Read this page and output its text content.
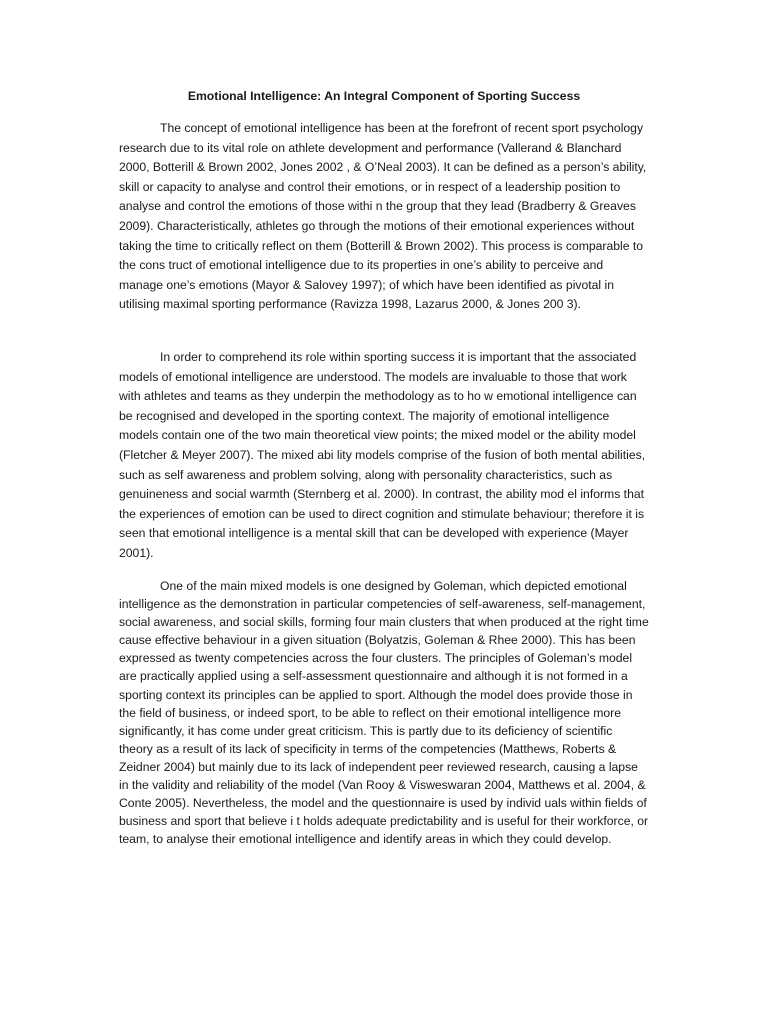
Emotional Intelligence: An Integral Component of Sporting Success

The concept of emotional intelligence has been at the forefront of recent sport psychology research due to its vital role on athlete development and performance (Vallerand & Blanchard 2000, Botterill & Brown 2002, Jones 2002 , & O’Neal 2003). It can be defined as a person’s ability, skill or capacity to analyse and control their emotions, or in respect of a leadership position to analyse and control the emotions of those withi n the group that they lead (Bradberry & Greaves 2009). Characteristically, athletes go through the motions of their emotional experiences without taking the time to critically reflect on them (Botterill & Brown 2002). This process is comparable to the cons truct of emotional intelligence due to its properties in one’s ability to perceive and manage one’s emotions (Mayor & Salovey 1997); of which have been identified as pivotal in utilising maximal sporting performance (Ravizza 1998, Lazarus 2000, & Jones 200 3).

In order to comprehend its role within sporting success it is important that the associated models of emotional intelligence are understood. The models are invaluable to those that work with athletes and teams as they underpin the methodology as to ho w emotional intelligence can be recognised and developed in the sporting context. The majority of emotional intelligence models contain one of the two main theoretical view points; the mixed model or the ability model (Fletcher & Meyer 2007). The mixed abi lity models comprise of the fusion of both mental abilities, such as self awareness and problem solving, along with personality characteristics, such as genuineness and social warmth (Sternberg et al. 2000). In contrast, the ability mod el informs that the experiences of emotion can be used to direct cognition and stimulate behaviour; therefore it is seen that emotional intelligence is a mental skill that can be developed with experience (Mayer 2001).

One of the main mixed models is one designed by Goleman, which depicted emotional intelligence as the demonstration in particular competencies of self-awareness, self-management, social awareness, and social skills, forming four main clusters that when produced at the right time cause effective behaviour in a given situation (Bolyatzis, Goleman & Rhee 2000). This has been expressed as twenty competencies across the four clusters. The principles of Goleman’s model are practically applied using a self-assessment questionnaire and although it is not formed in a sporting context its principles can be applied to sport. Although the model does provide those in the field of business, or indeed sport, to be able to reflect on their emotional intelligence more significantly, it has come under great criticism. This is partly due to its deficiency of scientific theory as a result of its lack of specificity in terms of the competencies (Matthews, Roberts & Zeidner 2004) but mainly due to its lack of independent peer reviewed research, causing a lapse in the validity and reliability of the model (Van Rooy & Visweswaran 2004, Matthews et al. 2004, & Conte 2005). Nevertheless, the model and the questionnaire is used by individ uals within fields of business and sport that believe i t holds adequate predictability and is useful for their workforce, or team, to analyse their emotional intelligence and identify areas in which they could develop.
